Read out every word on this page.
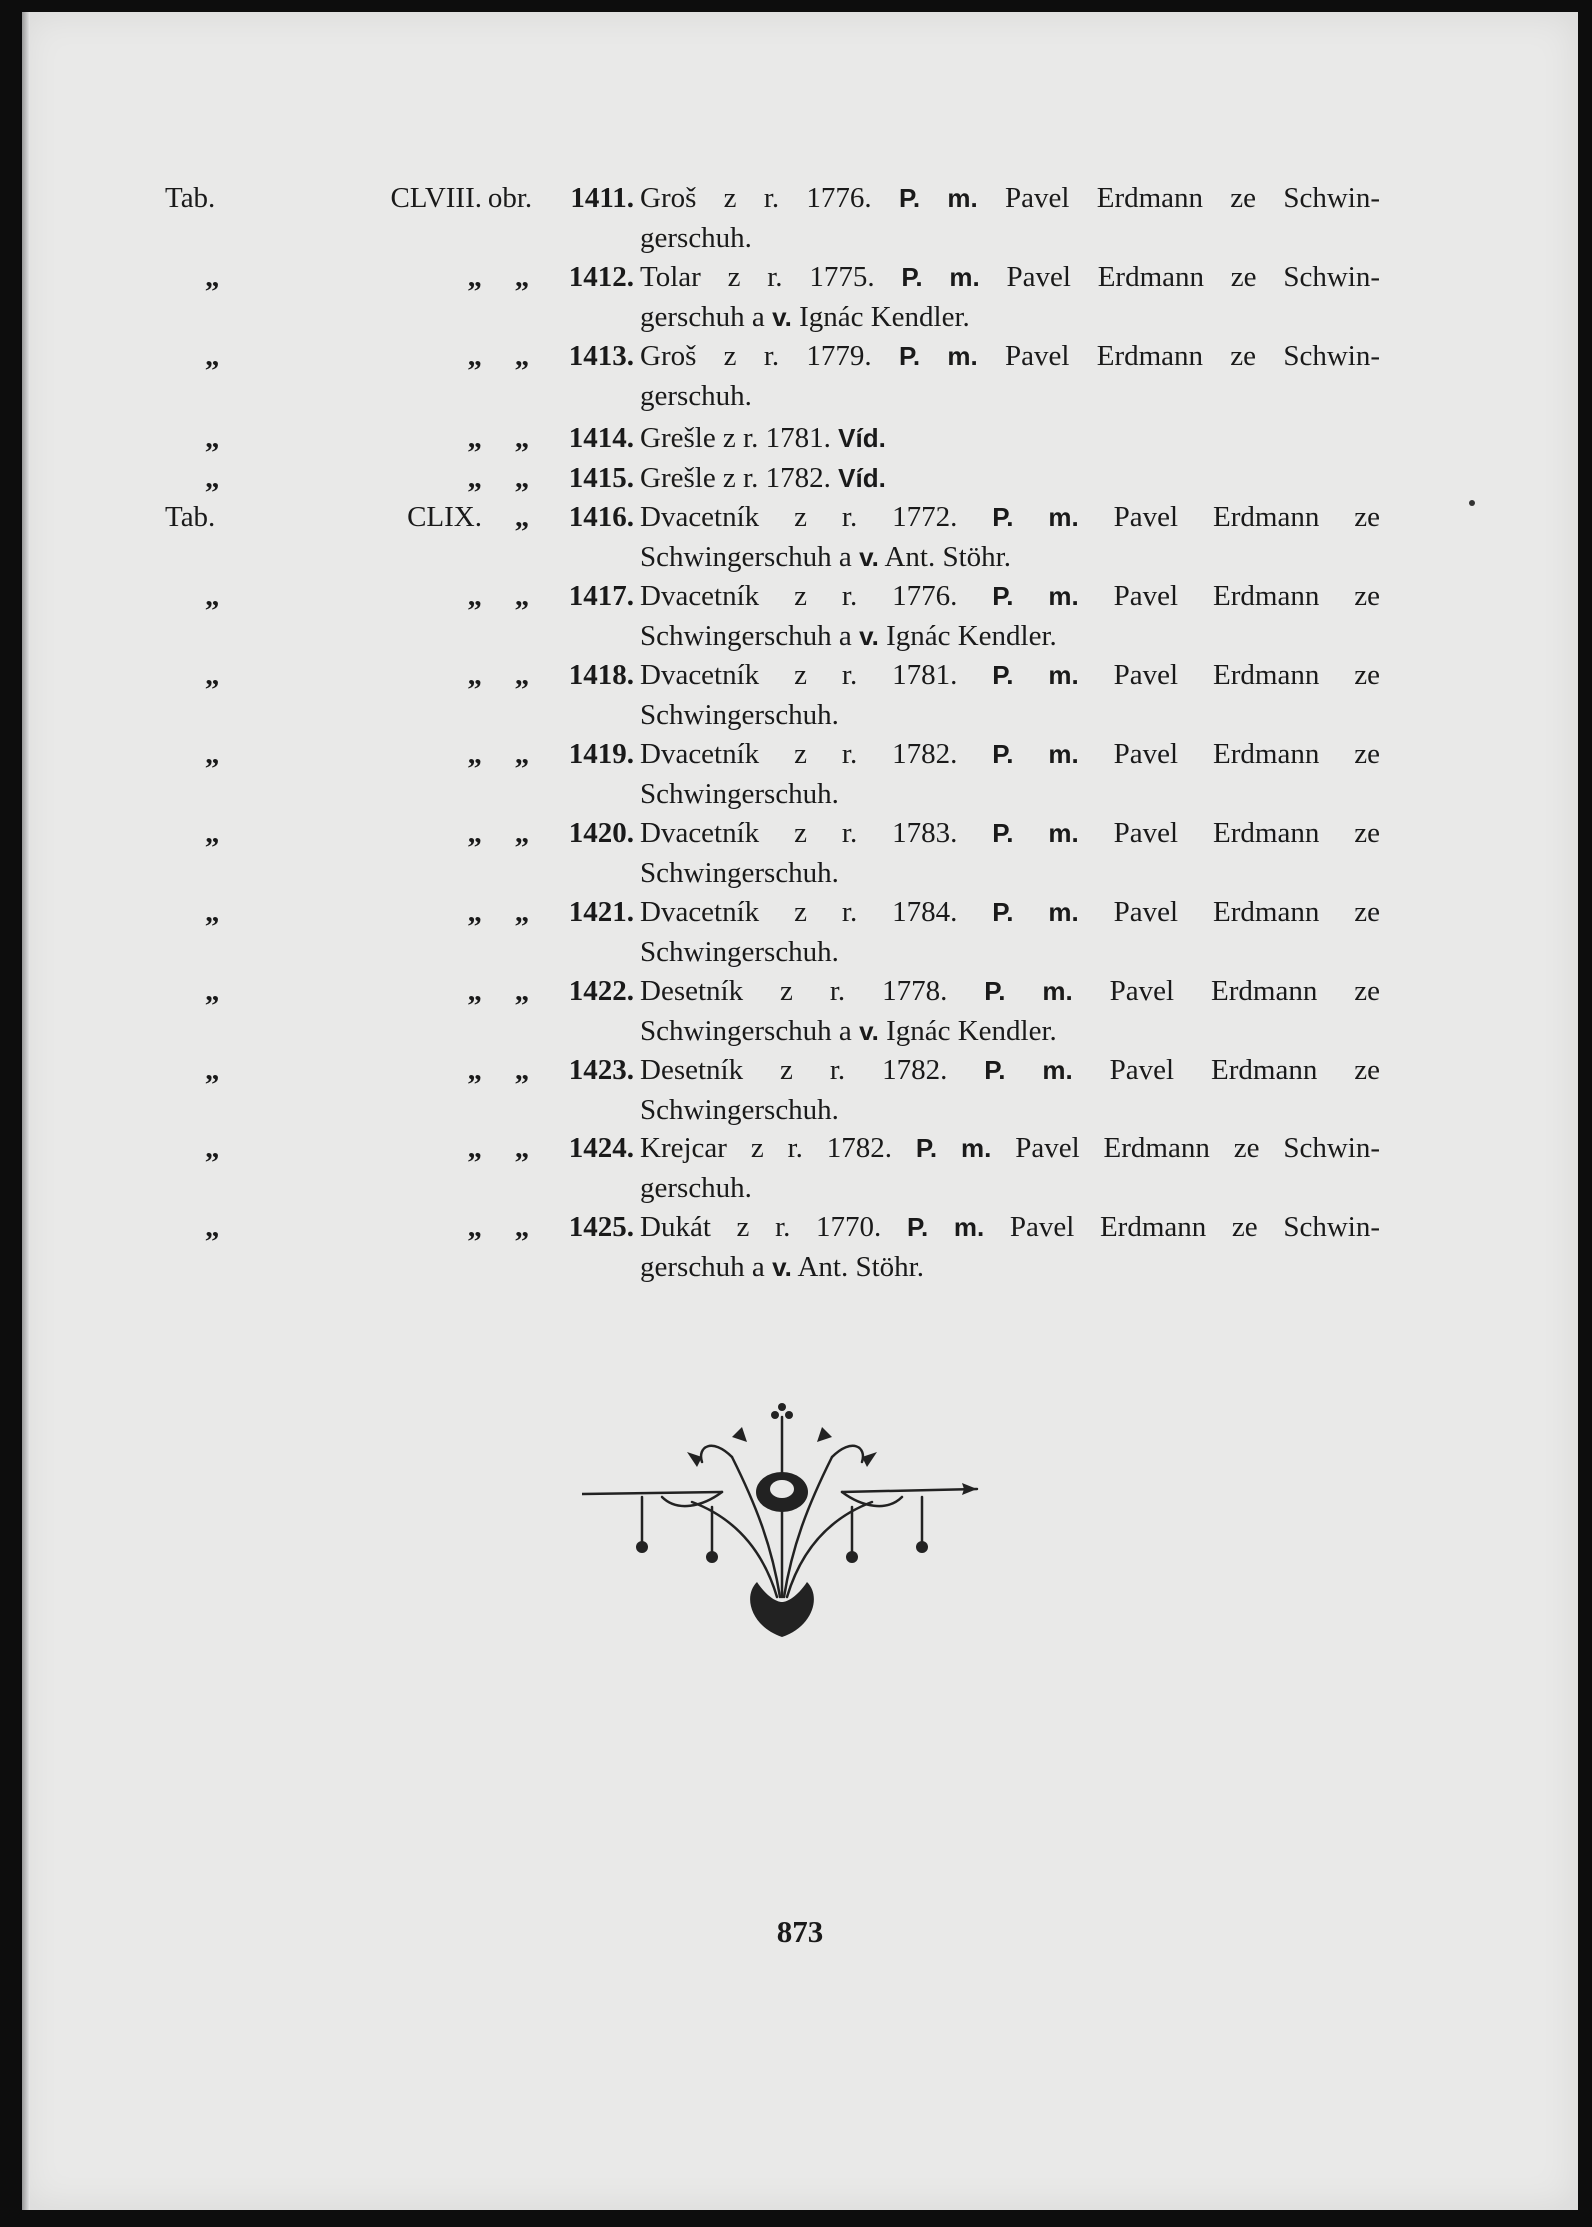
Tab.	CLVIII. obr.	1411. Groš z r. 1776. P. m. Pavel Erdmann ze Schwin-
gerschuh.
„	„	„	1412. Tolar z r. 1775. P. m. Pavel Erdmann ze Schwin-
gerschuh a v. Ignác Kendler.
„	„	„	1413. Groš z r. 1779. P. m. Pavel Erdmann ze Schwin-
gerschuh.
„	„	„	1414. Grešle z r. 1781. Víd.
„	„	„	1415. Grešle z r. 1782. Víd.
Tab.	CLIX.	„	1416. Dvacetník z r. 1772. P. m. Pavel Erdmann ze
Schwingerschuh a v. Ant. Stöhr.
„	„	„	1417. Dvacetník z r. 1776. P. m. Pavel Erdmann ze
Schwingerschuh a v. Ignác Kendler.
„	„	„	1418. Dvacetník z r. 1781. P. m. Pavel Erdmann ze
Schwingerschuh.
„	„	„	1419. Dvacetník z r. 1782. P. m. Pavel Erdmann ze
Schwingerschuh.
„	„	„	1420. Dvacetník z r. 1783. P. m. Pavel Erdmann ze
Schwingerschuh.
„	„	„	1421. Dvacetník z r. 1784. P. m. Pavel Erdmann ze
Schwingerschuh.
„	„	„	1422. Desetník z r. 1778. P. m. Pavel Erdmann ze
Schwingerschuh a v. Ignác Kendler.
„	„	„	1423. Desetník z r. 1782. P. m. Pavel Erdmann ze
Schwingerschuh.
„	„	„	1424. Krejcar z r. 1782. P. m. Pavel Erdmann ze Schwin-
gerschuh.
„	„	„	1425. Dukát z r. 1770. P. m. Pavel Erdmann ze Schwin-
gerschuh a v. Ant. Stöhr.
873
